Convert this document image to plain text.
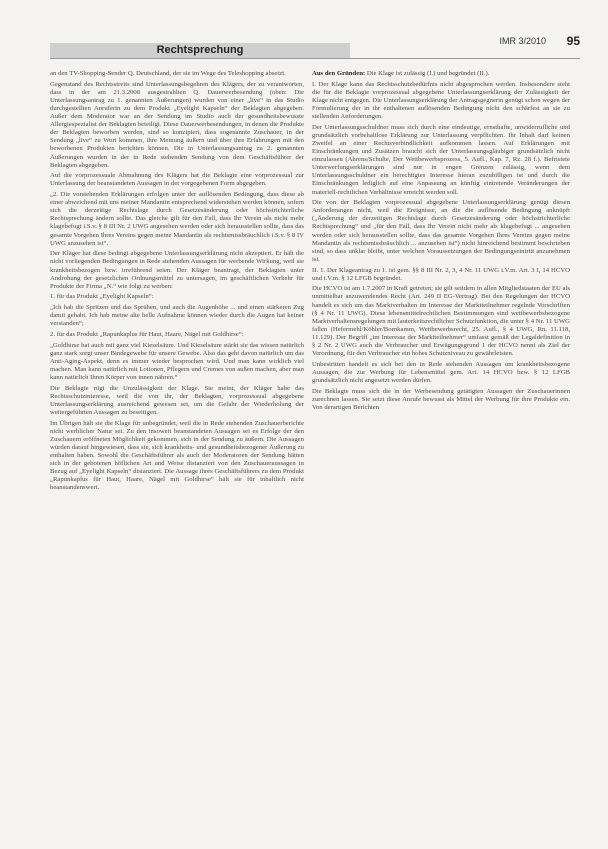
Rechtsprechung
IMR 3/2010 95

an den TV-Shopping-Sender Q. Deutschland, der sie im Wege des Teleshopping absetzt.

Gegenstand des Rechtsstreits sind Unterlassungsbegehren des Klägers, der zu verantworten, dass in der am 21.3.2008 ausgestrahlten Q. Dauerwerbesendung (oben: Die Unterlassungsantrag zu 1. genannten Äußerungen) wurden von einer „live“ in das Studio durchgestellten Anruferin zu dem Produkt „Eyelight Kapseln“ der Beklagten abgegeben. Außer dem Moderator war an der Sendung im Studio auch der gesundheitsbewusste Allergiespezialist der Beklagten beteiligt. Diese Dauerwerbesendungen, in denen die Produkte der Beklagten beworben werden, sind so konzipiert, dass sogenannte Zuschauer, in der Sendung „live“ zu Wort kommen, ihre Meinung äußern und über ihre Erfahrungen mit den beworbenen Produkten berichten können. Die in Unterlassungsantrag zu 2. genannten Äußerungen wurden in der in Rede stehenden Sendung von dem Geschäftsführer der Beklagten abgegeben.

Auf die vorprozessuale Abmahnung des Klägers hat die Beklagte eine vorprozessual zur Unterlassung der beanstandeten Aussagen in der vorgegebenen Form abgegeben.

„2. Die vorstehenden Erklärungen erfolgen unter der auflösenden Bedingung, dass diese ab einer abweichend mit uns meiner Mandantin entsprechend widerstehen werden können, sofern sich die derzeitige Rechtslage durch Gesetzesänderung oder höchstrichterliche Rechtsprechung ändern sollte. Das gleiche gilt für den Fall, dass Ihr Verein als nicht mehr klagebefugt i.S.v. § 8 III Nr. 2 UWG angesehen werden oder sich herausstellen sollte, dass das gesamte Vorgehen Ihres Vereins gegen meine Mandantin als rechtsmissbräuchlich i.S.v. § 8 IV UWG anzusehen ist“.

Der Kläger hat diese bedingt abgegebene Unterlassungserklärung nicht akzeptiert. Er hält die nicht vorliegenden Bedingungen in Rede stehenden Aussagen für werbende Wirkung, weil sie krankheitsbezogen bzw. irreführend seien. Der Kläger beantragt, der Beklagten unter Androhung der gesetzlichen Ordnungsmittel zu untersagen, im geschäftlichen Verkehr für Produkte der Firma „N.“ wie folgt zu werben:

1. für das Produkt „Eyelight Kapseln“:

„Ich hab die Spritzen und das Sprühen, und auch die Augenhöhe ... und einen stärkeren Zug damit gehabt. Ich hab meine alte helle Aufnahme können wieder durch die Augen hat keiner verstanden“;

2. für das Produkt „Rapunkaplus für Haut, Haare, Nägel mit Goldhirse“:

„Goldhirse hat auch mit ganz viel Kieselsäure. Und Kieselsäure stärkt sie das wissen natürlich ganz stark sorgt unser Bindegewebe für unsere Gewebe. Also das geht davon natürlich um das Anti-Aging-Aspekt, denn es immer wieder besprochen wird. Und man kann wirklich viel machen. Man kann natürlich mit Lotionen, Pflegern und Cremes von außen machen, aber man kann natürlich Ihren Körper von innen nähren.“

Die Beklagte rügt die Unzulässigkeit der Klage. Sie meint, der Kläger habe das Rechtsschutzinteresse, weil die von ihr, der Beklagten, vorprozessual abgegebene Unterlassungserklärung ausreichend gewesen sei, um die Gefahr der Wiederholung der weitergeführten Aussagen zu beseitigen.

Im Übrigen hält sie die Klage für unbegründet, weil die in Rede stehenden Zuschauerberichte nicht werblicher Natur sei. Zu den insoweit beanstandeten Aussagen sei es Erfolge der den Zuschauern eröffneten Möglichkeit gekommen, sich in der Sendung zu äußern. Die Aussagen würden darauf hingewiesen, dass sie, sich krankheits- und gesundheitsbezogener Äußerung zu enthalten haben. Sowohl die Geschäftsführer als auch der Moderatoren der Sendung hätten sich in der gebotenen höflichen Art und Weise distanziert von den Zuschaueraussagen in Bezug auf „Eyelight Kapseln“ distanziert. Die Aussage ihres Geschäftsführers zu dem Produkt „Rapunkaplus für Haut, Haare, Nägel mit Goldhirse“ hält sie für inhaltlich nicht beanstandenswert.

Aus den Gründen: Die Klage ist zulässig (I.) und begründet (II.).

I. Der Klage kann das Rechtsschutzbedürfnis nicht abgesprochen werden. Insbesondere steht die für die Beklagte vorprozessual abgegebene Unterlassungserklärung der Zulässigkeit der Klage nicht entgegen. Die Unterlassungserklärung der Antragsgegnerin genügt schon wegen der Formulierung der in ihr enthaltenen auflösenden Bedingung nicht den schärfest an sie zu stellenden Anforderungen.

Der Unterlassungsschuldner muss sich durch eine eindeutige, ernsthafte, unwiderrufliche und grundsätzlich vorbehaltlose Erklärung zur Unterlassung verpflichten. Ihr Inhalt darf keinen Zweifel an einer Rechtsverbindlichkeit aufkommen lassen. Auf Erklärungen mit Einschränkungen und Zusätzen braucht sich der Unterlassungsgläubiger grundsätzlich nicht einzulassen (Ahrens/Schulte, Der Wettbewerbsprozess, 5. Aufl., Kap. 7, Rz. 28 f.). Befristete Unterwerfungserklärungen sind nur in engen Grenzen zulässig, wenn dem Unterlassungsschuldner ein berechtigtes Interesse hieran zuzubilligen ist und durch die Einschränkungen lediglich auf eine Anpassung an künftig eintretende Veränderungen der materiell-rechtlichen Verhältnisse erreicht werden soll.

Die von der Beklagten vorprozessual abgegebene Unterlassungserklärung genügt diesen Anforderungen nicht, weil die Ereignisse, an die die auflösende Bedingung anknüpft („Änderung der derzeitigen Rechtslage durch Gesetzesänderung oder höchstrichterliche Rechtsprechung“ und „für den Fall, dass Ihr Verein nicht mehr als klagebefugt ... angesehen werden oder sich herausstellen sollte, dass das gesamte Vorgehen Ihres Vereins gegen meine Mandantin als rechtsmissbräuchlich ... anzusehen ist“) nicht hinreichend bestimmt beschrieben sind, so dass unklar bleibt, unter welchen Voraussetzungen der Bedingungseintritt anzunehmen ist.

II. 1. Der Klageantrag zu 1. ist gem. §§ 8 III Nr. 2, 3, 4 Nr. 11 UWG i.V.m. Art. 3 I, 14 HCVO und i.V.m. § 12 LFGB begründet.

Die HCVO ist am 1.7.2007 in Kraft getreten; sie gilt seitdem in allen Mitgliedstaaten der EU als unmittelbar anzuwendendes Recht (Art. 249 II EG-Vertrag). Bei den Regelungen der HCVO handelt es sich um das Marktverhalten im Interesse der Marktteilnehmer regelnde Vorschriften (§ 4 Nr. 11 UWG). Diese lebensmittelrechtlichen Bestimmungen sind wettbewerbsbezogene Marktverhaltensregelungen mit lauterkeitsrechtlicher Schutzfunktion, die unter § 4 Nr. 11 UWG fallen (Hefermehl/Köhler/Bornkamm, Wettbewerbsrecht, 25. Aufl., § 4 UWG, Rn. 11.118, 11.129). Der Begriff „im Interesse der Marktteilnehmer“ umfasst gemäß der Legaldefinition in § 2 Nr. 2 UWG auch die Verbraucher und Erwägungsgrund 1 der HCVO nennt als Ziel der Verordnung, für den Verbraucher ein hohes Schutzniveau zu gewährleisten.

Unbestritten handelt es sich bei den in Rede stehenden Aussagen um krankheitsbezogene Aussagen, die zur Werbung für Lebensmittel gem. Art. 14 HCVO bzw. § 12 LFGB grundsätzlich nicht angesetzt werden dürfen.

Die Beklagte muss sich die in der Werbesendung getätigten Aussagen der Zuschauerinnen zurechnen lassen. Sie setzt diese Anrufe bewusst als Mittel der Werbung für ihre Produkte ein. Von derartigen Berichten
